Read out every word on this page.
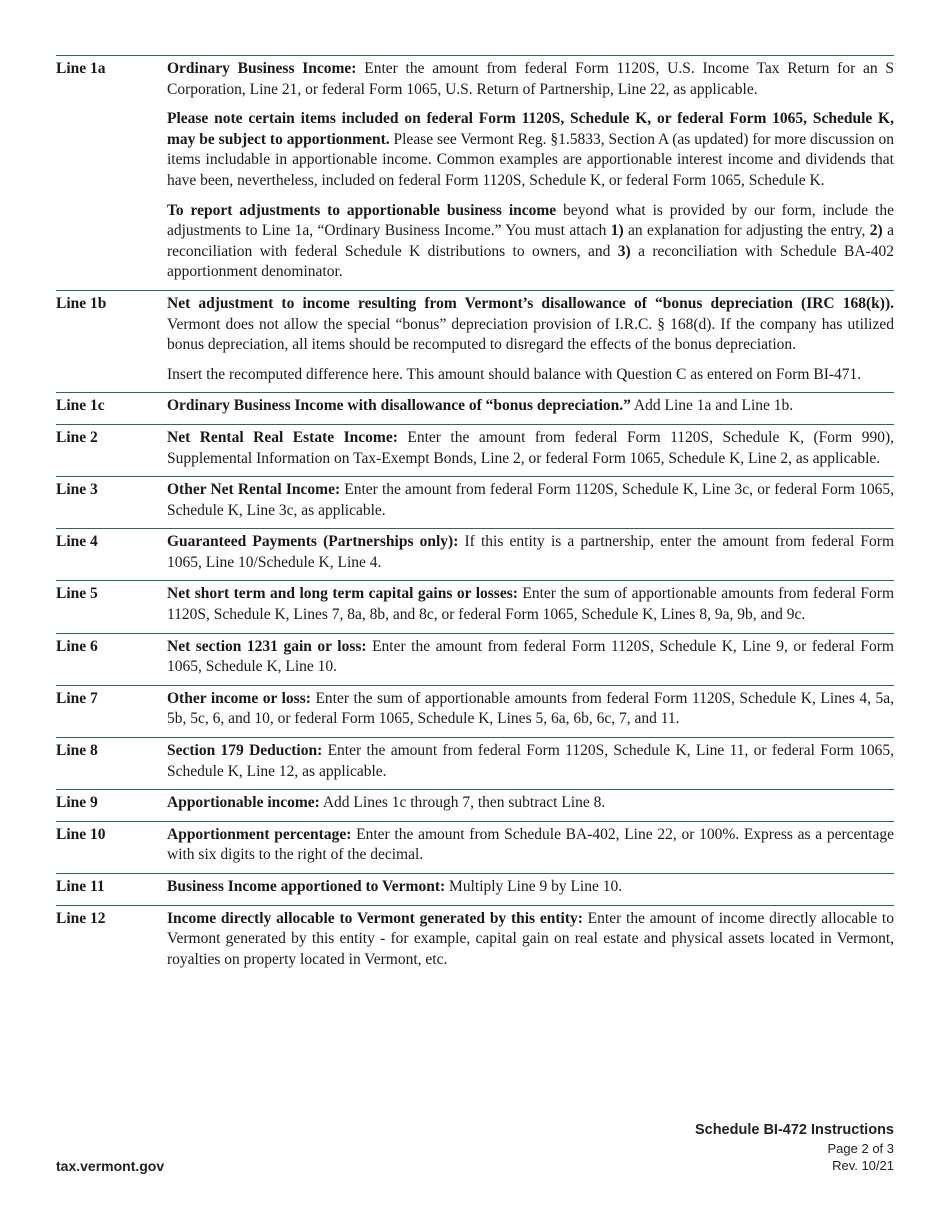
Line 1a	Ordinary Business Income: Enter the amount from federal Form 1120S, U.S. Income Tax Return for an S Corporation, Line 21, or federal Form 1065, U.S. Return of Partnership, Line 22, as applicable.

Please note certain items included on federal Form 1120S, Schedule K, or federal Form 1065, Schedule K, may be subject to apportionment. Please see Vermont Reg. §1.5833, Section A (as updated) for more discussion on items includable in apportionable income. Common examples are apportionable interest income and dividends that have been, nevertheless, included on federal Form 1120S, Schedule K, or federal Form 1065, Schedule K.

To report adjustments to apportionable business income beyond what is provided by our form, include the adjustments to Line 1a, “Ordinary Business Income.” You must attach 1) an explanation for adjusting the entry, 2) a reconciliation with federal Schedule K distributions to owners, and 3) a reconciliation with Schedule BA-402 apportionment denominator.

Line 1b	Net adjustment to income resulting from Vermont’s disallowance of “bonus depreciation (IRC 168(k)). Vermont does not allow the special “bonus” depreciation provision of I.R.C. § 168(d). If the company has utilized bonus depreciation, all items should be recomputed to disregard the effects of the bonus depreciation.

Insert the recomputed difference here. This amount should balance with Question C as entered on Form BI-471.

Line 1c	Ordinary Business Income with disallowance of “bonus depreciation.” Add Line 1a and Line 1b.

Line 2	Net Rental Real Estate Income: Enter the amount from federal Form 1120S, Schedule K, (Form 990), Supplemental Information on Tax-Exempt Bonds, Line 2, or federal Form 1065, Schedule K, Line 2, as applicable.

Line 3	Other Net Rental Income: Enter the amount from federal Form 1120S, Schedule K, Line 3c, or federal Form 1065, Schedule K, Line 3c, as applicable.

Line 4	Guaranteed Payments (Partnerships only): If this entity is a partnership, enter the amount from federal Form 1065, Line 10/Schedule K, Line 4.

Line 5	Net short term and long term capital gains or losses: Enter the sum of apportionable amounts from federal Form 1120S, Schedule K, Lines 7, 8a, 8b, and 8c, or federal Form 1065, Schedule K, Lines 8, 9a, 9b, and 9c.

Line 6	Net section 1231 gain or loss: Enter the amount from federal Form 1120S, Schedule K, Line 9, or federal Form 1065, Schedule K, Line 10.

Line 7	Other income or loss: Enter the sum of apportionable amounts from federal Form 1120S, Schedule K, Lines 4, 5a, 5b, 5c, 6, and 10, or federal Form 1065, Schedule K, Lines 5, 6a, 6b, 6c, 7, and 11.

Line 8	Section 179 Deduction: Enter the amount from federal Form 1120S, Schedule K, Line 11, or federal Form 1065, Schedule K, Line 12, as applicable.

Line 9	Apportionable income: Add Lines 1c through 7, then subtract Line 8.

Line 10	Apportionment percentage: Enter the amount from Schedule BA-402, Line 22, or 100%. Express as a percentage with six digits to the right of the decimal.

Line 11	Business Income apportioned to Vermont: Multiply Line 9 by Line 10.

Line 12	Income directly allocable to Vermont generated by this entity: Enter the amount of income directly allocable to Vermont generated by this entity - for example, capital gain on real estate and physical assets located in Vermont, royalties on property located in Vermont, etc.

tax.vermont.gov
Schedule BI-472 Instructions
Page 2 of 3
Rev. 10/21
